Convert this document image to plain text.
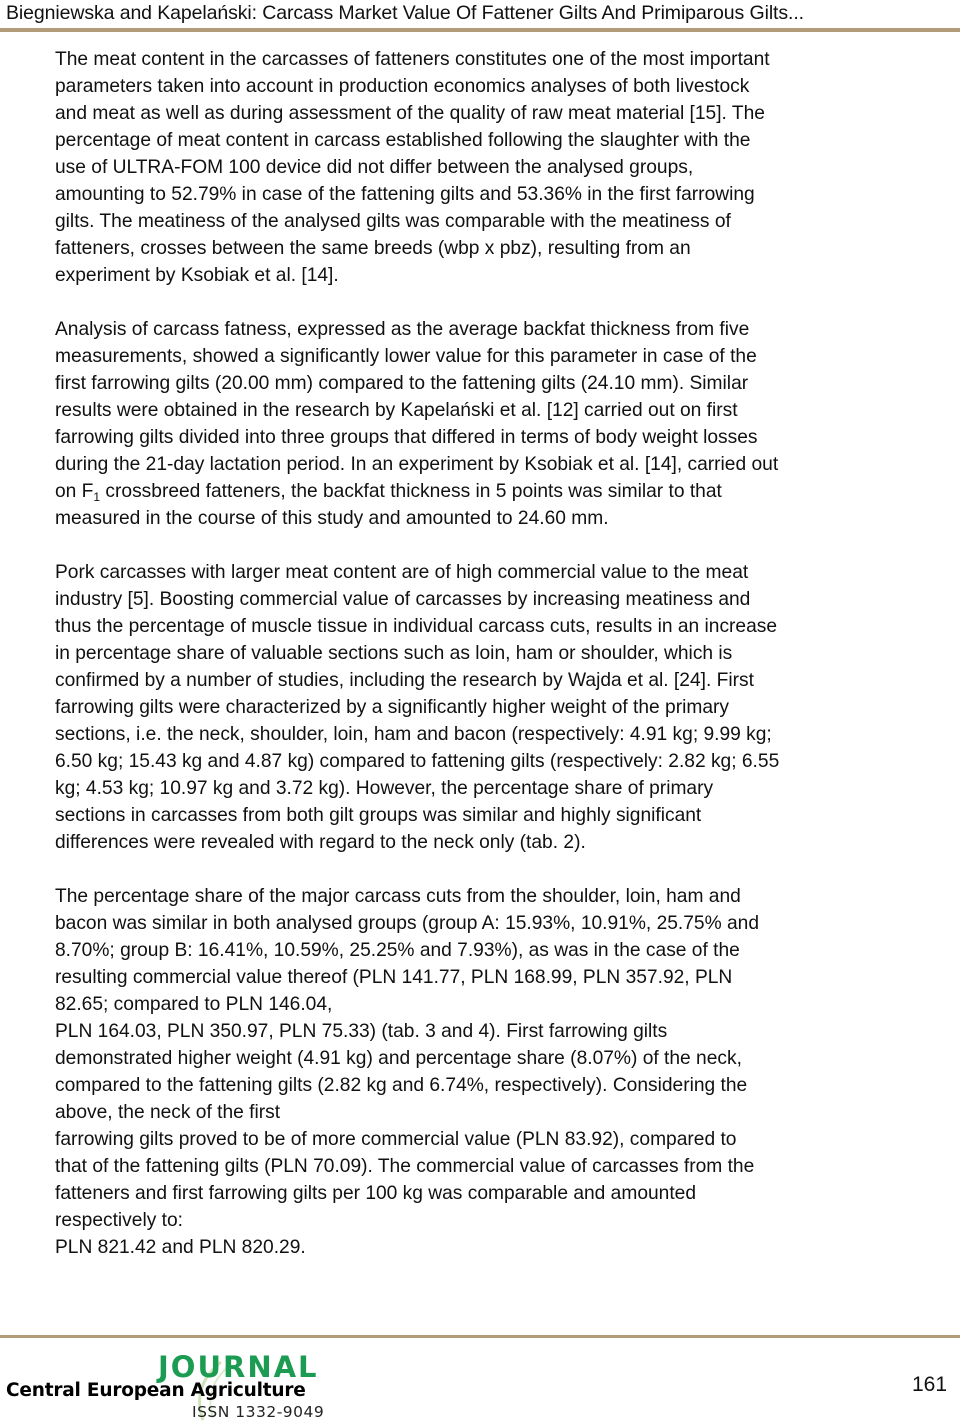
Biegniewska and Kapelański: Carcass Market Value Of Fattener Gilts And Primiparous Gilts...
The meat content in the carcasses of fatteners constitutes one of the most important
parameters taken into account in production economics analyses of both livestock
and meat as well as during assessment of the quality of raw meat material [15]. The
percentage of meat content in carcass established following the slaughter with the
use of ULTRA-FOM 100 device did not differ between the analysed groups,
amounting to 52.79% in case of the fattening gilts and 53.36% in the first farrowing
gilts. The meatiness of the analysed gilts was comparable with the meatiness of
fatteners, crosses between the same breeds (wbp x pbz), resulting from an
experiment by Ksobiak et al. [14].
Analysis of carcass fatness, expressed as the average backfat thickness from five
measurements, showed a significantly lower value for this parameter in case of the
first farrowing gilts (20.00 mm) compared to the fattening gilts (24.10 mm). Similar
results were obtained in the research by Kapelański et al. [12] carried out on first
farrowing gilts divided into three groups that differed in terms of body weight losses
during the 21-day lactation period. In an experiment by Ksobiak et al. [14], carried out
on $F_1$ crossbreed fatteners, the backfat thickness in 5 points was similar to that
measured in the course of this study and amounted to 24.60 mm.
Pork carcasses with larger meat content are of high commercial value to the meat
industry [5]. Boosting commercial value of carcasses by increasing meatiness and
thus the percentage of muscle tissue in individual carcass cuts, results in an increase
in percentage share of valuable sections such as loin, ham or shoulder, which is
confirmed by a number of studies, including the research by Wajda et al. [24]. First
farrowing gilts were characterized by a significantly higher weight of the primary
sections, i.e. the neck, shoulder, loin, ham and bacon (respectively: 4.91 kg; 9.99 kg;
6.50 kg; 15.43 kg and 4.87 kg) compared to fattening gilts (respectively: 2.82 kg; 6.55
kg; 4.53 kg; 10.97 kg and 3.72 kg). However, the percentage share of primary
sections in carcasses from both gilt groups was similar and highly significant
differences were revealed with regard to the neck only (tab. 2).
The percentage share of the major carcass cuts from the shoulder, loin, ham and
bacon was similar in both analysed groups (group A: 15.93%, 10.91%, 25.75% and
8.70%; group B: 16.41%, 10.59%, 25.25% and 7.93%), as was in the case of the
resulting commercial value thereof (PLN 141.77, PLN 168.99, PLN 357.92, PLN
82.65; compared to PLN 146.04,
PLN 164.03, PLN 350.97, PLN 75.33) (tab. 3 and 4). First farrowing gilts
demonstrated higher weight (4.91 kg) and percentage share (8.07%) of the neck,
compared to the fattening gilts (2.82 kg and 6.74%, respectively). Considering the
above, the neck of the first
farrowing gilts proved to be of more commercial value (PLN 83.92), compared to
that of the fattening gilts (PLN 70.09). The commercial value of carcasses from the
fatteners and first farrowing gilts per 100 kg was comparable and amounted
respectively to:
PLN 821.42 and PLN 820.29.
JOURNAL
Central European Agriculture
ISSN 1332-9049
161
